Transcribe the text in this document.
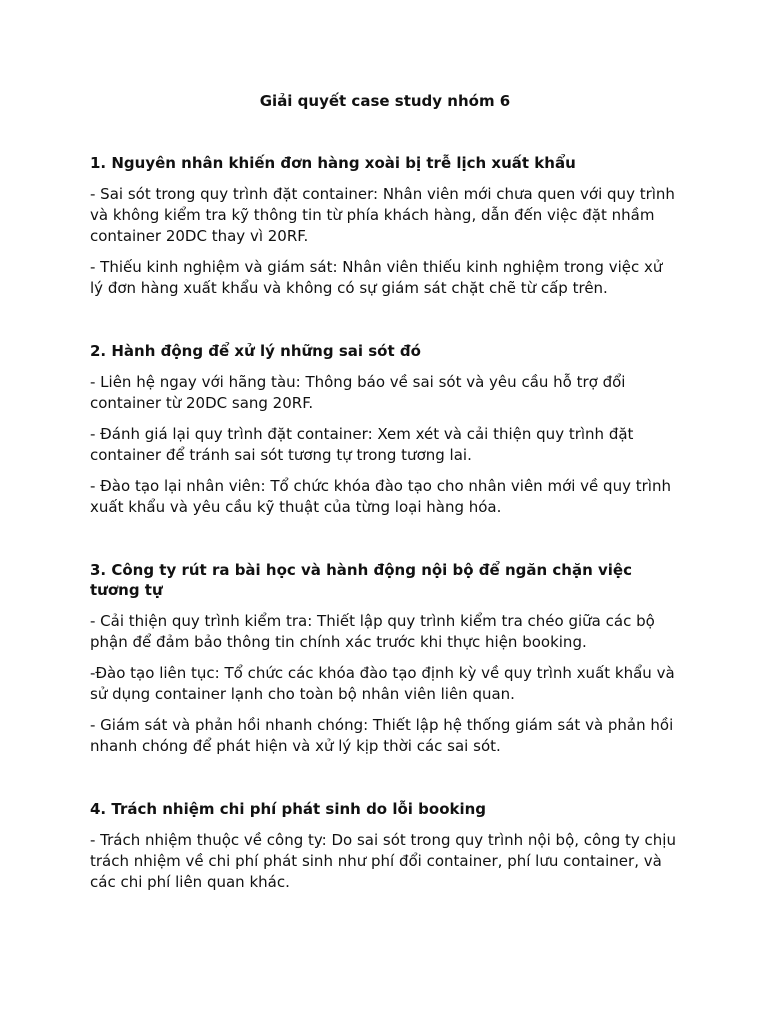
Giải quyết case study nhóm 6
1. Nguyên nhân khiến đơn hàng xoài bị trễ lịch xuất khẩu

- Sai sót trong quy trình đặt container: Nhân viên mới chưa quen với quy trình và không kiểm tra kỹ thông tin từ phía khách hàng, dẫn đến việc đặt nhầm container 20DC thay vì 20RF.

- Thiếu kinh nghiệm và giám sát: Nhân viên thiếu kinh nghiệm trong việc xử lý đơn hàng xuất khẩu và không có sự giám sát chặt chẽ từ cấp trên.

2. Hành động để xử lý những sai sót đó

- Liên hệ ngay với hãng tàu: Thông báo về sai sót và yêu cầu hỗ trợ đổi container từ 20DC sang 20RF.

- Đánh giá lại quy trình đặt container: Xem xét và cải thiện quy trình đặt container để tránh sai sót tương tự trong tương lai.

- Đào tạo lại nhân viên: Tổ chức khóa đào tạo cho nhân viên mới về quy trình xuất khẩu và yêu cầu kỹ thuật của từng loại hàng hóa.

3. Công ty rút ra bài học và hành động nội bộ để ngăn chặn việc tương tự

- Cải thiện quy trình kiểm tra: Thiết lập quy trình kiểm tra chéo giữa các bộ phận để đảm bảo thông tin chính xác trước khi thực hiện booking.

-Đào tạo liên tục: Tổ chức các khóa đào tạo định kỳ về quy trình xuất khẩu và sử dụng container lạnh cho toàn bộ nhân viên liên quan.

- Giám sát và phản hồi nhanh chóng: Thiết lập hệ thống giám sát và phản hồi nhanh chóng để phát hiện và xử lý kịp thời các sai sót.

4. Trách nhiệm chi phí phát sinh do lỗi booking

- Trách nhiệm thuộc về công ty: Do sai sót trong quy trình nội bộ, công ty chịu trách nhiệm về chi phí phát sinh như phí đổi container, phí lưu container, và các chi phí liên quan khác.
